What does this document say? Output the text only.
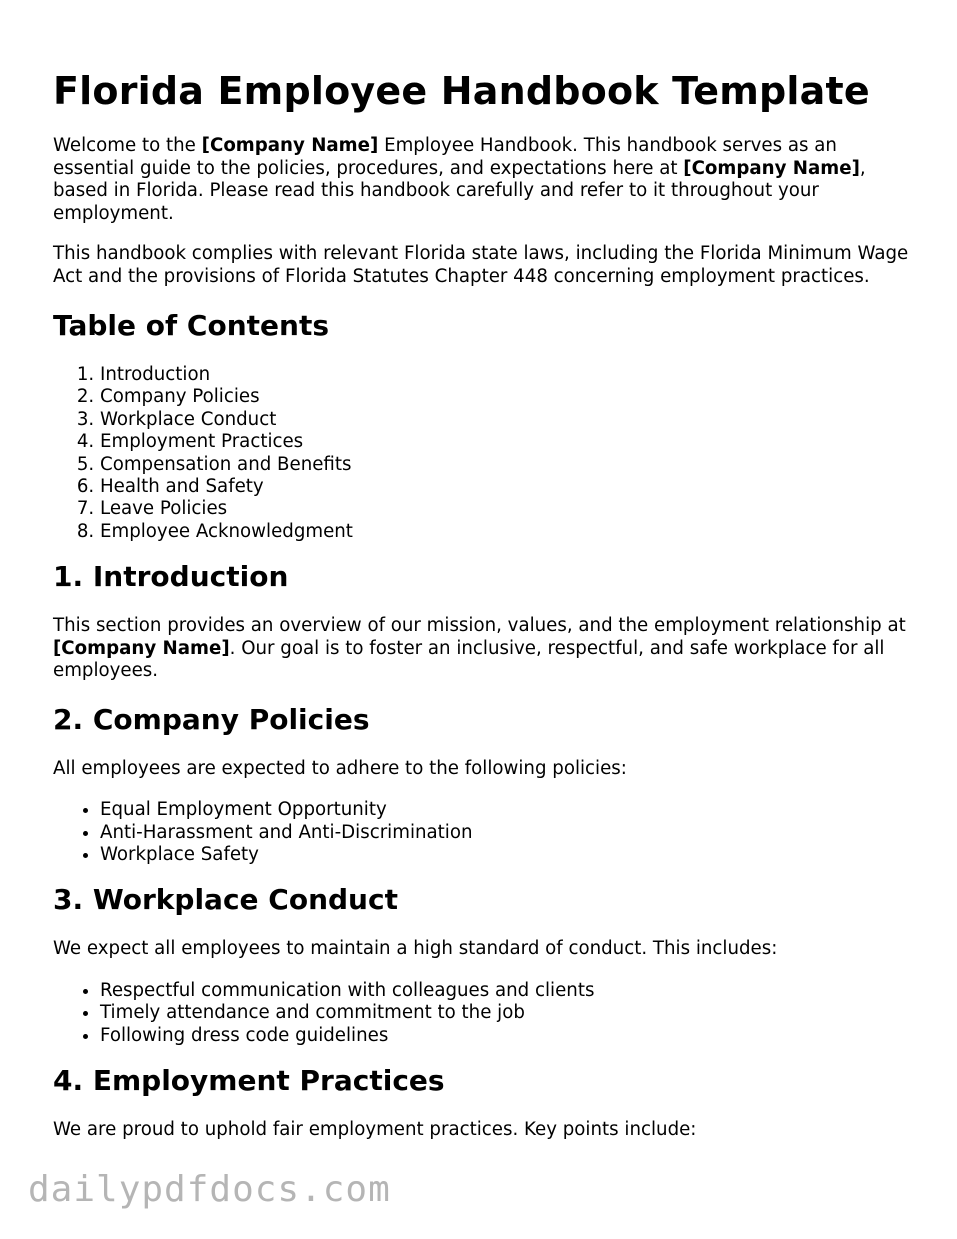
Florida Employee Handbook Template

Welcome to the [Company Name] Employee Handbook. This handbook serves as an essential guide to the policies, procedures, and expectations here at [Company Name], based in Florida. Please read this handbook carefully and refer to it throughout your employment.

This handbook complies with relevant Florida state laws, including the Florida Minimum Wage Act and the provisions of Florida Statutes Chapter 448 concerning employment practices.

Table of Contents
1. Introduction
2. Company Policies
3. Workplace Conduct
4. Employment Practices
5. Compensation and Benefits
6. Health and Safety
7. Leave Policies
8. Employee Acknowledgment
1. Introduction

This section provides an overview of our mission, values, and the employment relationship at [Company Name]. Our goal is to foster an inclusive, respectful, and safe workplace for all employees.

2. Company Policies

All employees are expected to adhere to the following policies:

• Equal Employment Opportunity
• Anti-Harassment and Anti-Discrimination
• Workplace Safety
3. Workplace Conduct

We expect all employees to maintain a high standard of conduct. This includes:

• Respectful communication with colleagues and clients
• Timely attendance and commitment to the job
• Following dress code guidelines
4. Employment Practices

We are proud to uphold fair employment practices. Key points include:

dailypdfdocs.com
